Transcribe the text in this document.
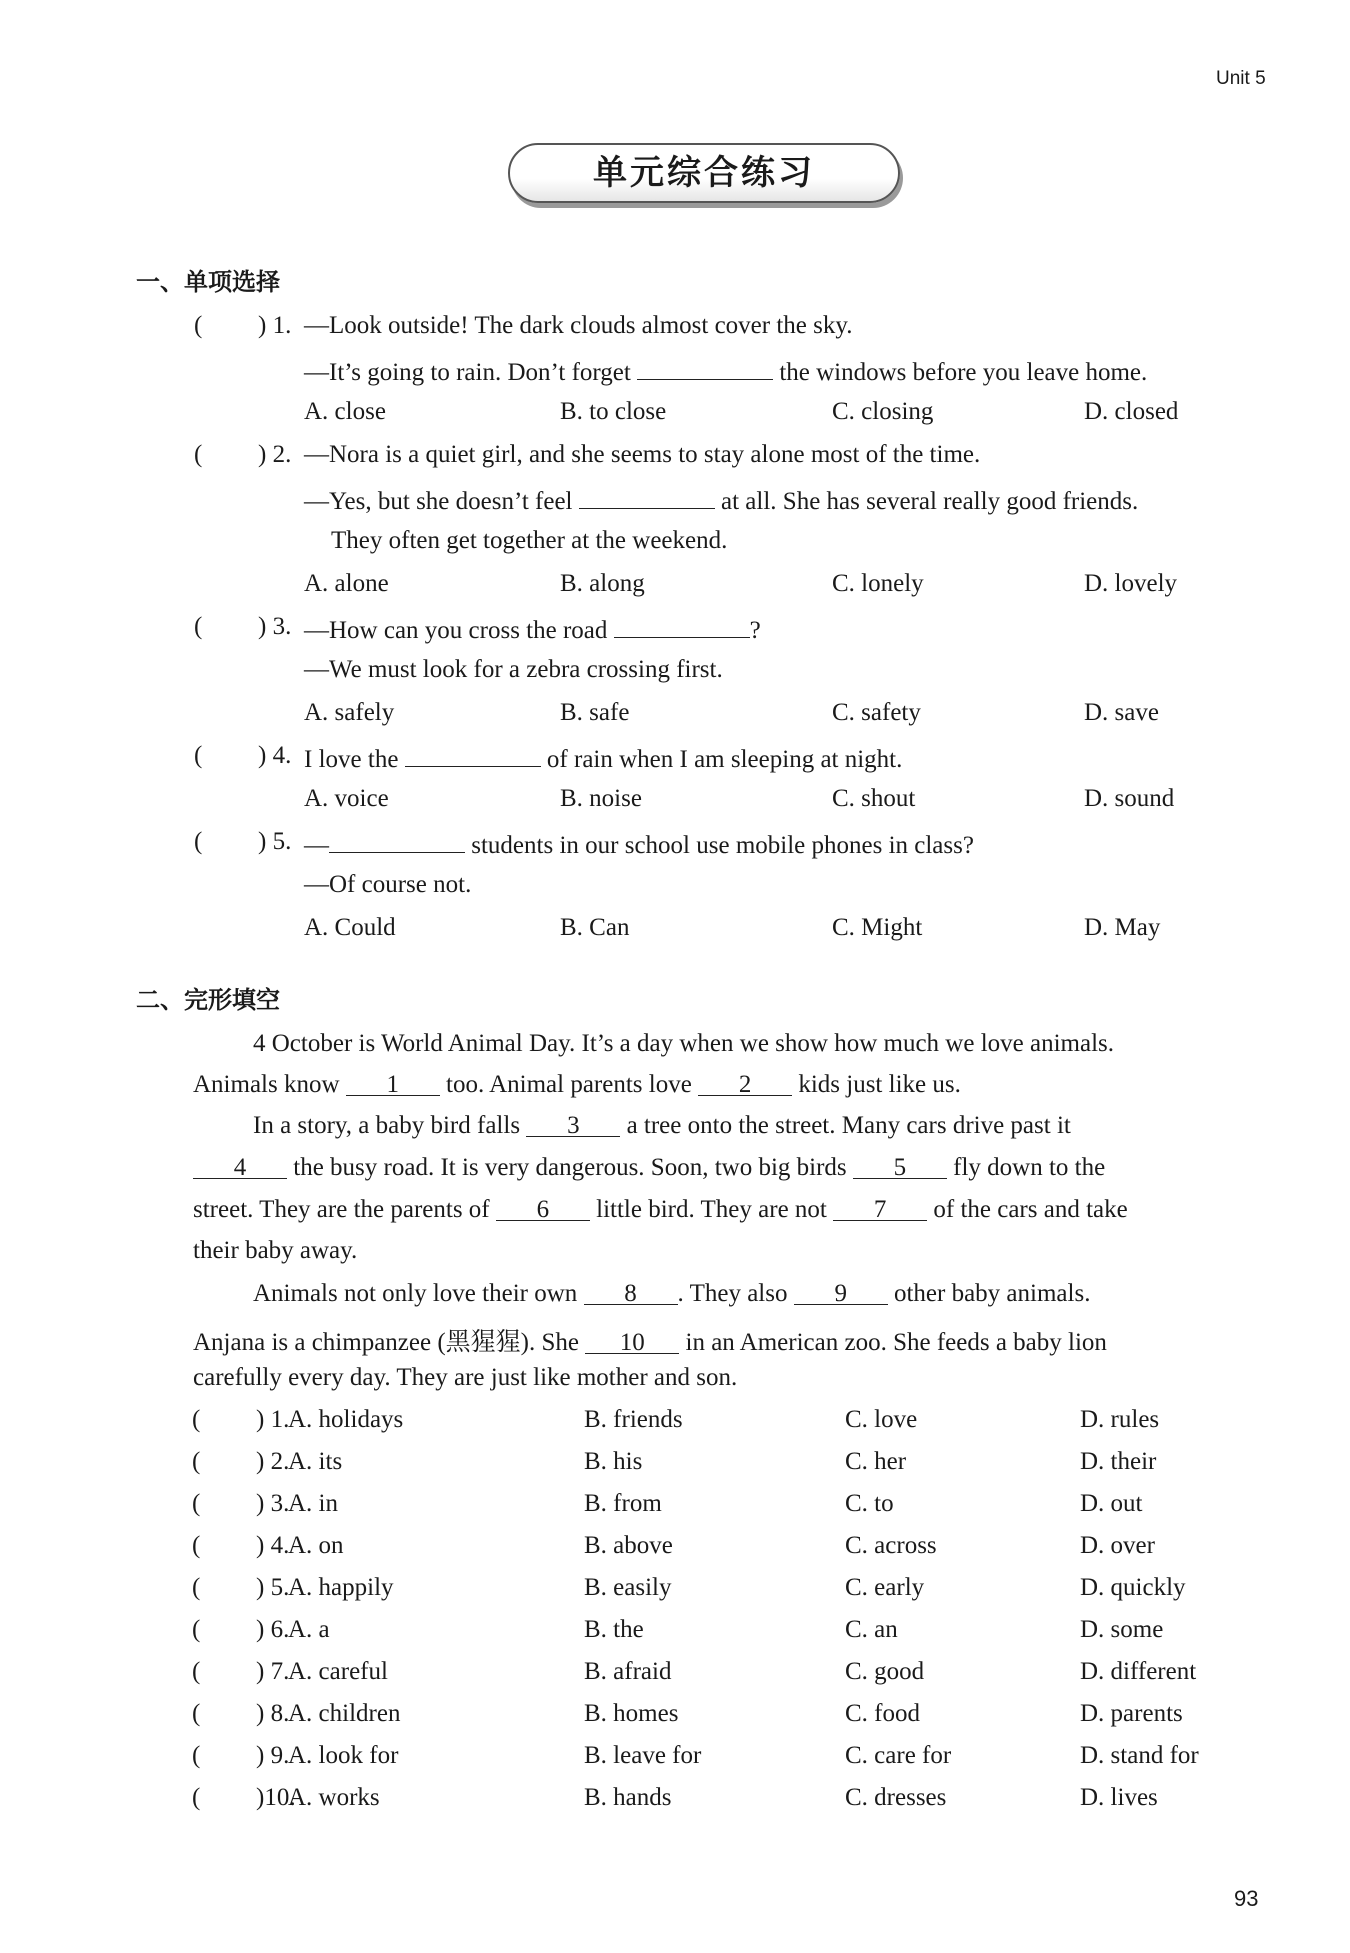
Unit 5
单元综合练习
一、单项选择
( ) 1. —Look outside! The dark clouds almost cover the sky.
—It’s going to rain. Don’t forget	the windows before you leave home.
A. close	B. to close	C. closing	D. closed
( ) 2. —Nora is a quiet girl, and she seems to stay alone most of the time.
—Yes, but she doesn’t feel	at all. She has several really good friends.
They often get together at the weekend.
A. alone	B. along	C. lonely	D. lovely
( ) 3. —How can you cross the road	?
—We must look for a zebra crossing first.
A. safely	B. safe	C. safety	D. save
( ) 4. I love the	of rain when I am sleeping at night.
A. voice	B. noise	C. shout	D. sound
( ) 5. —	students in our school use mobile phones in class?
—Of course not.
A. Could	B. Can	C. Might	D. May
二、完形填空
4 October is World Animal Day. It’s a day when we show how much we love animals.
Animals know 1 too. Animal parents love 2 kids just like us.
In a story, a baby bird falls 3 a tree onto the street. Many cars drive past it
4 the busy road. It is very dangerous. Soon, two big birds 5 fly down to the
street. They are the parents of 6 little bird. They are not 7 of the cars and take
their baby away.
Animals not only love their own 8 . They also 9 other baby animals.
Anjana is a chimpanzee (黑猩猩). She 10 in an American zoo. She feeds a baby lion
carefully every day. They are just like mother and son.
( ) 1.
A. holidays	B. friends	C. love	D. rules
( ) 2.
A. its	B. his	C. her	D. their
( ) 3.
A. in	B. from	C. to	D. out
( ) 4.
A. on	B. above	C. across	D. over
( ) 5.
A. happily	B. easily	C. early	D. quickly
( ) 6.
A. a	B. the	C. an	D. some
( ) 7.
A. careful	B. afraid	C. good	D. different
( ) 8.
A. children	B. homes	C. food	D. parents
( ) 9.
A. look for	B. leave for	C. care for	D. stand for
( )10.
A. works	B. hands	C. dresses	D. lives
93
